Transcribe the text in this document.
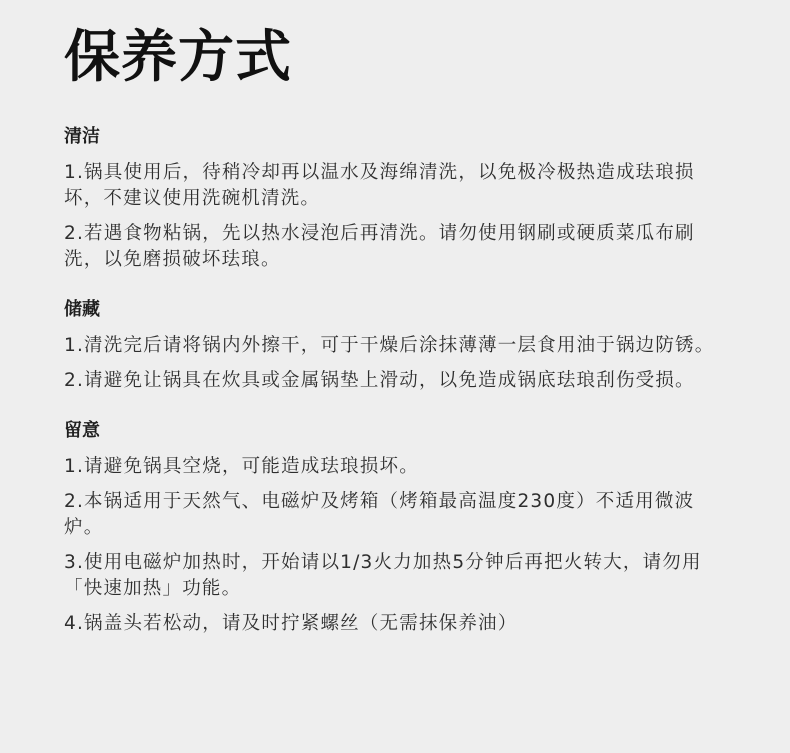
保养方式
清洁

1.锅具使用后，待稍冷却再以温水及海绵清洗，以免极冷极热造成珐琅损坏，不建议使用洗碗机清洗。

2.若遇食物粘锅，先以热水浸泡后再清洗。请勿使用钢刷或硬质菜瓜布刷洗，以免磨损破坏珐琅。

储藏

1.清洗完后请将锅内外擦干，可于干燥后涂抹薄薄一层食用油于锅边防锈。

2.请避免让锅具在炊具或金属锅垫上滑动，以免造成锅底珐琅刮伤受损。

留意

1.请避免锅具空烧，可能造成珐琅损坏。

2.本锅适用于天然气、电磁炉及烤箱（烤箱最高温度230度）不适用微波炉。

3.使用电磁炉加热时，开始请以1/3火力加热5分钟后再把火转大，请勿用「快速加热」功能。

4.锅盖头若松动，请及时拧紧螺丝（无需抹保养油）
